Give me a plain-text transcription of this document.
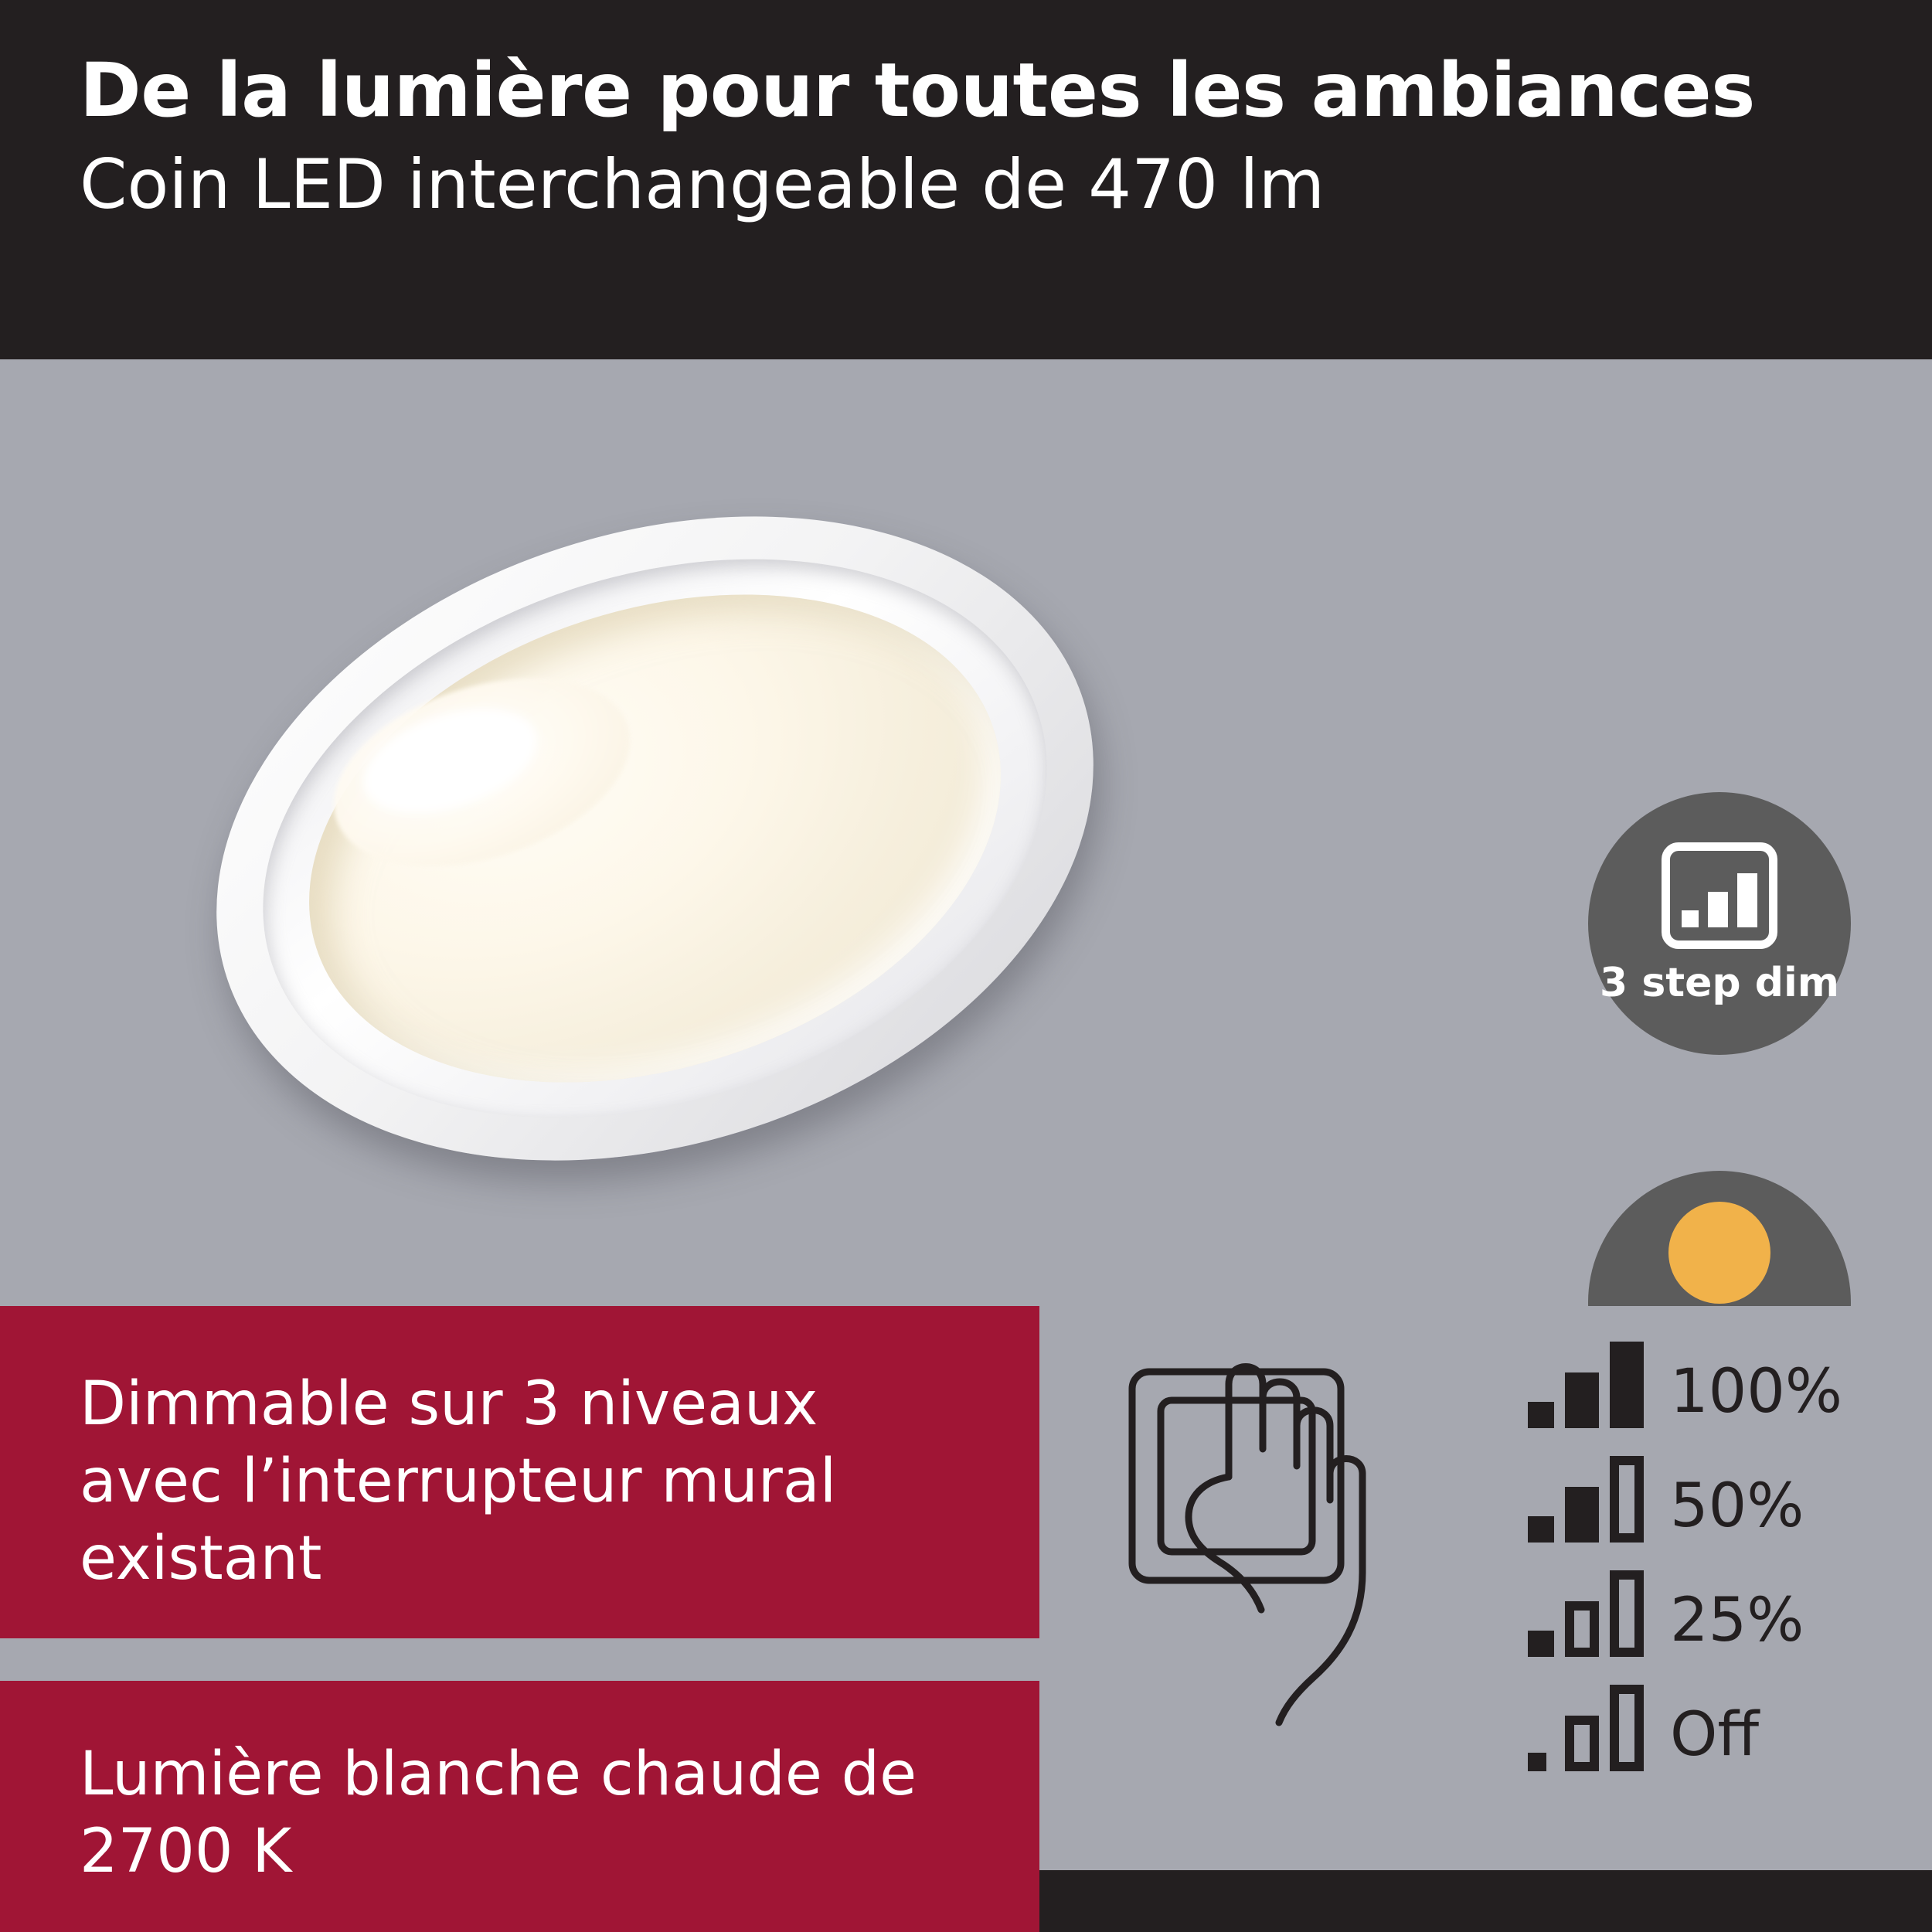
De la lumière pour toutes les ambiances
Coin LED interchangeable de 470 lm
3 step dim
Dimmable sur 3 niveaux avec l’interrupteur mural existant
Lumière blanche chaude de 2700 K
100%
50%
25%
Off
